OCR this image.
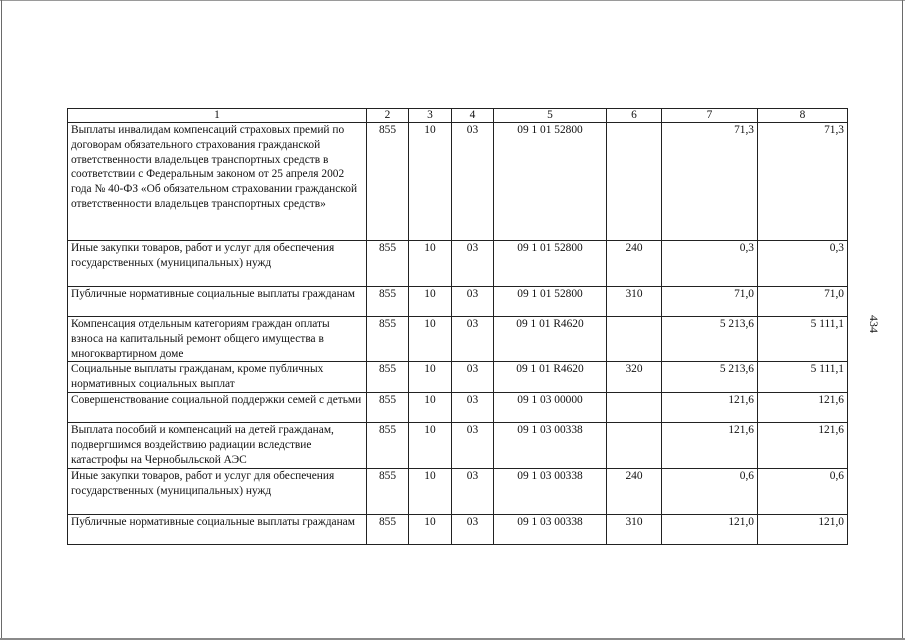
434
1	2	3	4	5	6	7	8
Выплаты инвалидам компенсаций страховых премий по договорам обязательного страхования гражданской ответственности владельцев транспортных средств в соответствии с Федеральным законом от 25 апреля 2002 года № 40-ФЗ «Об обязательном страховании гражданской ответственности владельцев транспортных средств»	855	10	03	09 1 01 52800		71,3	71,3
Иные закупки товаров, работ и услуг для обеспечения государственных (муниципальных) нужд	855	10	03	09 1 01 52800	240	0,3	0,3
Публичные нормативные социальные выплаты гражданам	855	10	03	09 1 01 52800	310	71,0	71,0
Компенсация отдельным категориям граждан оплаты взноса на капитальный ремонт общего имущества в многоквартирном доме	855	10	03	09 1 01 R4620		5 213,6	5 111,1
Социальные выплаты гражданам, кроме публичных нормативных социальных выплат	855	10	03	09 1 01 R4620	320	5 213,6	5 111,1
Совершенствование социальной поддержки семей с детьми	855	10	03	09 1 03 00000		121,6	121,6
Выплата пособий и компенсаций на детей гражданам, подвергшимся воздействию радиации вследствие катастрофы на Чернобыльской АЭС	855	10	03	09 1 03 00338		121,6	121,6
Иные закупки товаров, работ и услуг для обеспечения государственных (муниципальных) нужд	855	10	03	09 1 03 00338	240	0,6	0,6
Публичные нормативные социальные выплаты гражданам	855	10	03	09 1 03 00338	310	121,0	121,0
